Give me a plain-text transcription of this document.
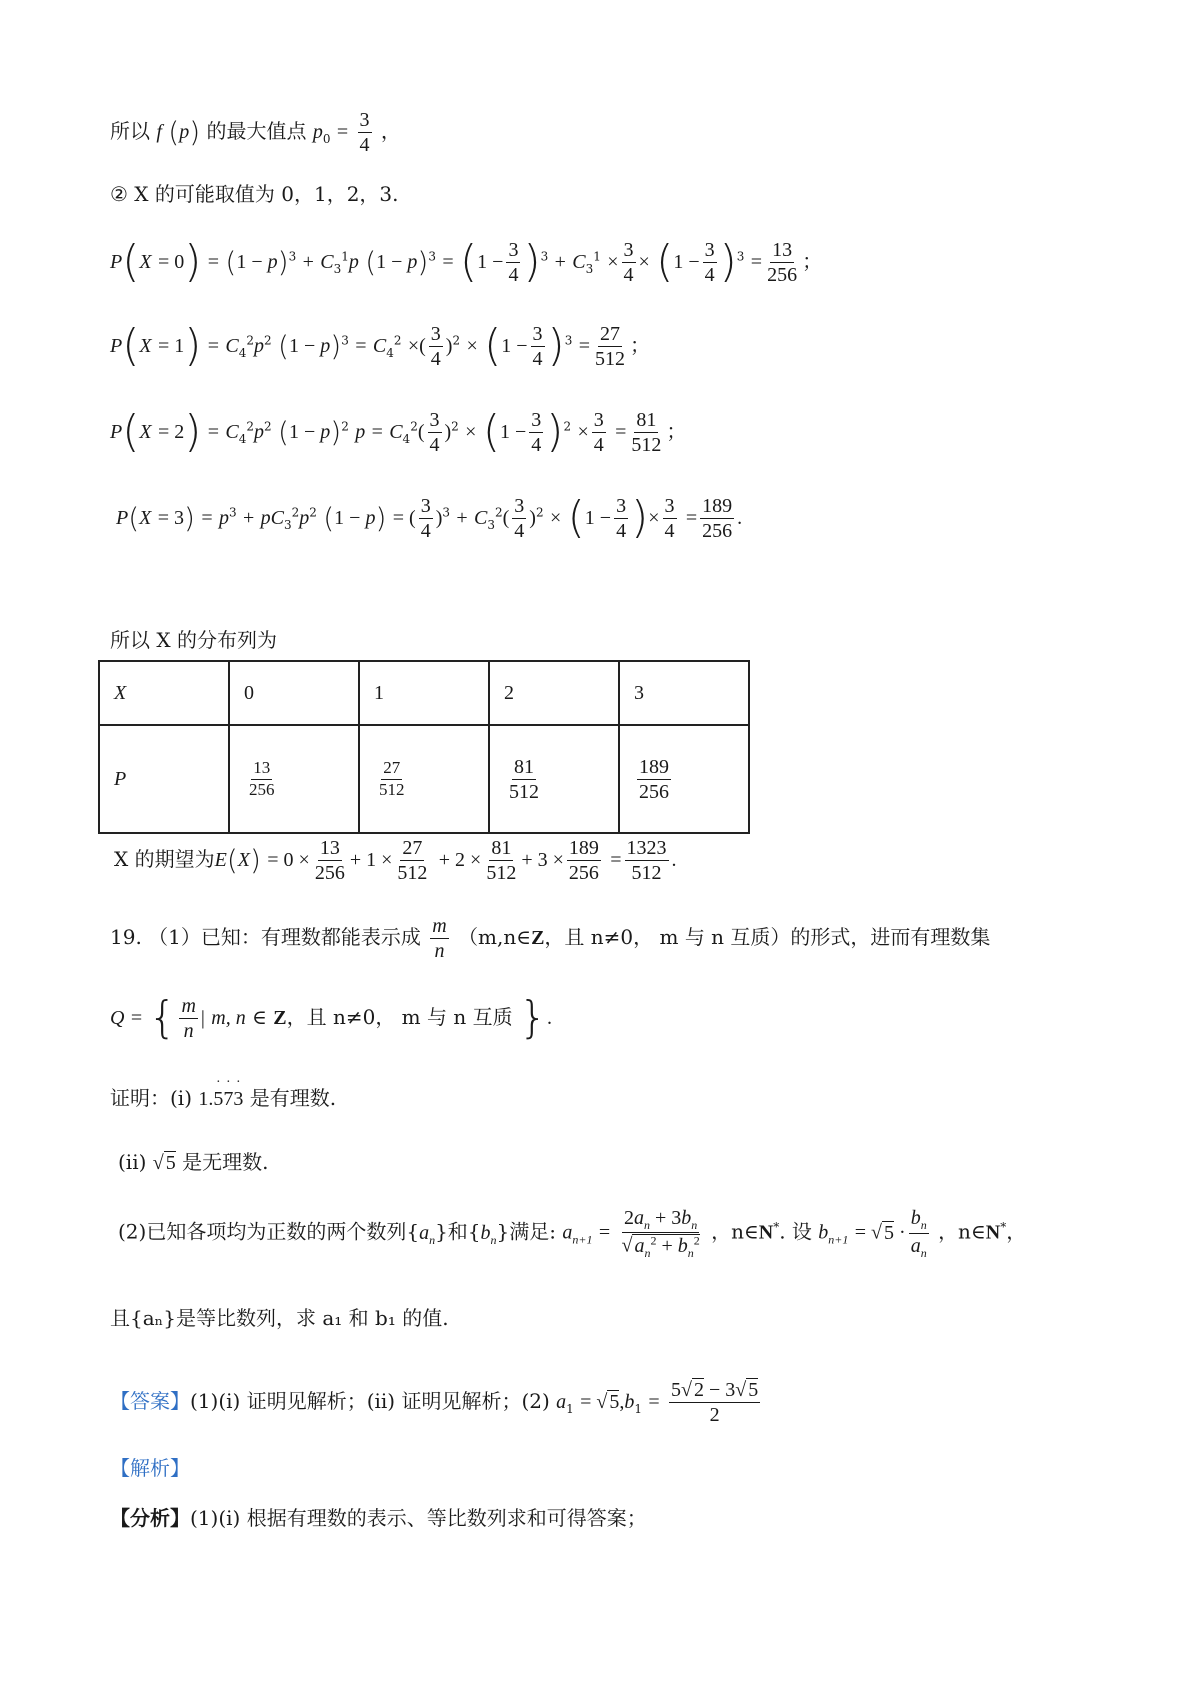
所以 f (p) 的最大值点 $p_0 = \frac{3}{4}$ ，
② X 的可能取值为 0，1，2，3.
$P(X = 0) = (1 - p)^3 + C_3^1p$ $(1 - p)^3 = (1 - \frac{3}{4} )^3 + C_3^1 \times \frac{3}{4} \times (1 - \frac{3}{4} )^3 = \frac{13}{256}$ ；
$P(X = 1) = C_4^2p^2$ $(1 - p)^3 = C_4^2$ ×( $\frac{3}{4} )^2 \times (1 - \frac{3}{4} )^3 = \frac{27}{512}$ ；
$P(X = 2) = C_4^2p^2$ $(1 - p)^2$ $p = C_4^2( \frac{3}{4} )^2 \times (1 - \frac{3}{4} )^2 \times \frac{3}{4} = \frac{81}{512}$ ；
$P(X = 3) = p^3 + pC_3^2p^2$ (1 − p) = ( $\frac{3}{4} )^3 + C_3^2( \frac{3}{4} )^2 \times (1 - \frac{3}{4}$ )× $\frac{3}{4} = \frac{189}{256}$ .
所以 X 的分布列为
X	0	1	2	3
P	$\frac{13}{256}$	$\frac{27}{512}$	$\frac{81}{512}$	$\frac{189}{256}$
X 的期望为$E(X) = 0 \times \frac{13}{256} + 1 \times \frac{27}{512} + 2 \times \frac{81}{512} + 3 \times \frac{189}{256} = \frac{1323}{512}$ .
19. （1）已知：有理数都能表示成 $\frac{m}{n}$ （m,n∈Z，且 n≠0， m 与 n 互质）的形式，进而有理数集
Q = { $\frac{m}{n}$ | m, n ∈ Z，且 n≠0， m 与 n 互质 }.
证明：(i) 1.5
·
7
·
3
·
是有理数.
(ii) √ 5 是无理数.
(2)已知各项均为正数的两个数列$\{a_n\}$和$\{b_n\}$满足: $a_{n+1} = \frac{2a_n + 3b_n}{√ a_n^2 + b_n^2}$ ，n∈N*. 设 $b_{n+1}$ = √ $5 \cdot \frac{b_n}{a_n}$ ，n∈N*，
且{aₙ}是等比数列，求 a₁ 和 b₁ 的值.
【答案】(1)(i) 证明见解析；(ii) 证明见解析；(2) $a_1$ = √ $5,b_1 = \frac{5√ 2 - 3√ 5}{2}$
【解析】
【分析】(1)(i) 根据有理数的表示、等比数列求和可得答案；
